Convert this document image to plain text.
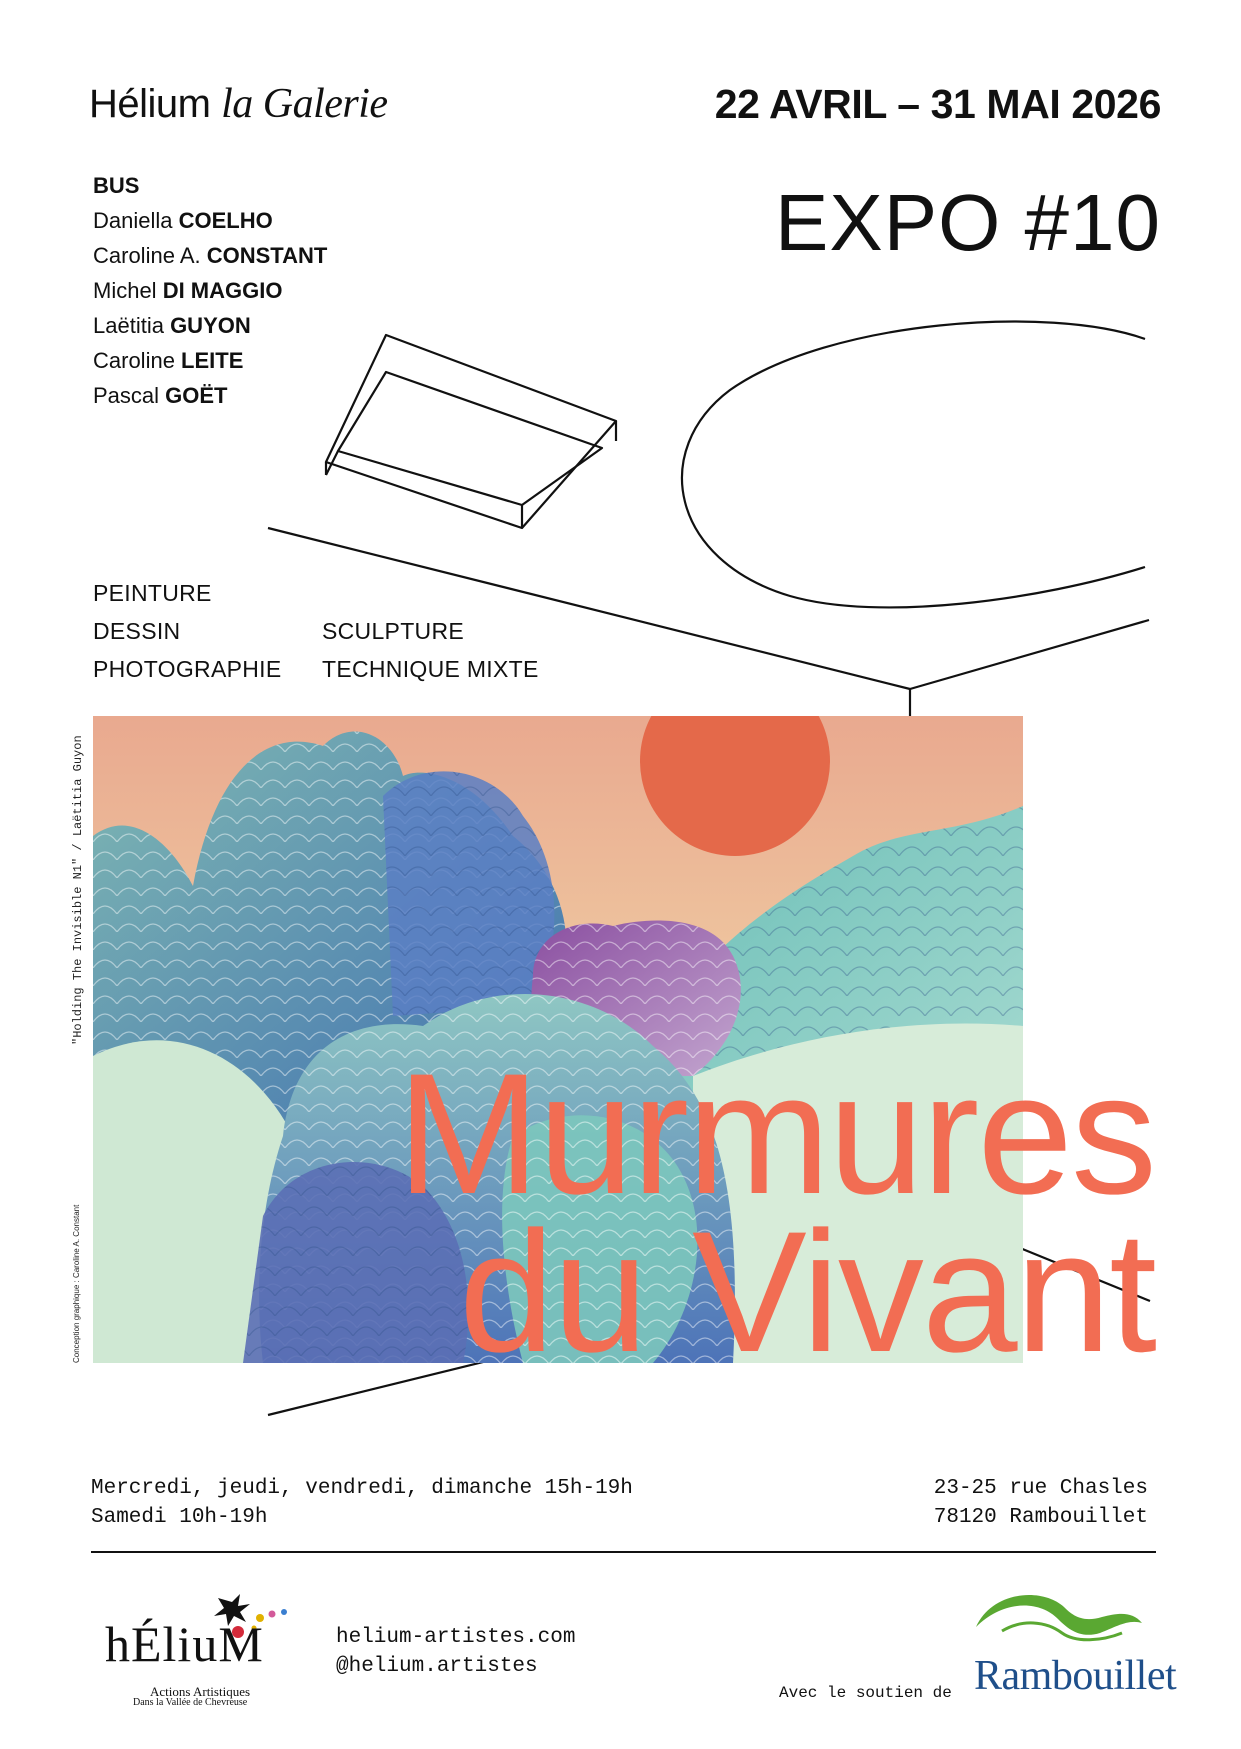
Hélium la Galerie	22 AVRIL – 31 MAI 2026
EXPO #10
BUS
Daniella COELHO
Caroline A. CONSTANT
Michel DI MAGGIO
Laëtitia GUYON
Caroline LEITE
Pascal GOËT
PEINTURE
DESSIN
PHOTOGRAPHIE
SCULPTURE
TECHNIQUE MIXTE
"Holding The Invisible N1" / Laëtitia Guyon
Conception graphique : Caroline A. Constant
Murmures
du Vivant
Mercredi, jeudi, vendredi, dimanche 15h-19h
Samedi 10h-19h
23-25 rue Chasles
78120 Rambouillet
hÉliuM
Actions Artistiques
Dans la Vallée de Chevreuse
helium-artistes.com
@helium.artistes
Avec le soutien de Rambouillet
